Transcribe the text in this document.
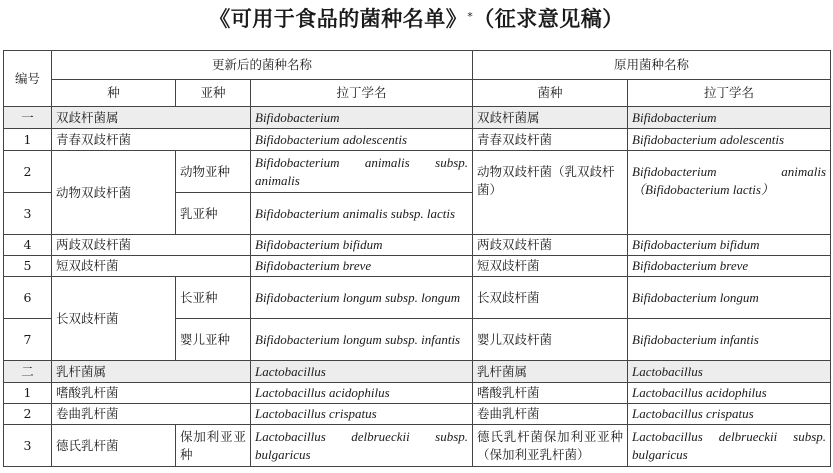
《可用于食品的菌种名单》*（征求意见稿）
编号	更新后的菌种名称			原用菌种名称	
	种	亚种	拉丁学名	菌种	拉丁学名
一	双歧杆菌属		Bifidobacterium	双歧杆菌属	Bifidobacterium
1	青春双歧杆菌		Bifidobacterium adolescentis	青春双歧杆菌	Bifidobacterium adolescentis
2	动物双歧杆菌	动物亚种	Bifidobacterium animalis subsp. animalis	动物双歧杆菌（乳双歧杆菌）	Bifidobacterium animalis（Bifidobacterium lactis）
3		乳亚种	Bifidobacterium animalis subsp. lactis		
4	两歧双歧杆菌		Bifidobacterium bifidum	两歧双歧杆菌	Bifidobacterium bifidum
5	短双歧杆菌		Bifidobacterium breve	短双歧杆菌	Bifidobacterium breve
6	长双歧杆菌	长亚种	Bifidobacterium longum subsp. longum	长双歧杆菌	Bifidobacterium longum
7		婴儿亚种	Bifidobacterium longum subsp. infantis	婴儿双歧杆菌	Bifidobacterium infantis
二	乳杆菌属		Lactobacillus	乳杆菌属	Lactobacillus
1	嗜酸乳杆菌		Lactobacillus acidophilus	嗜酸乳杆菌	Lactobacillus acidophilus
2	卷曲乳杆菌		Lactobacillus crispatus	卷曲乳杆菌	Lactobacillus crispatus
3	德氏乳杆菌	保加利亚亚种	Lactobacillus delbrueckii subsp. bulgaricus	德氏乳杆菌保加利亚亚种（保加利亚乳杆菌）	Lactobacillus delbrueckii subsp. bulgaricus
